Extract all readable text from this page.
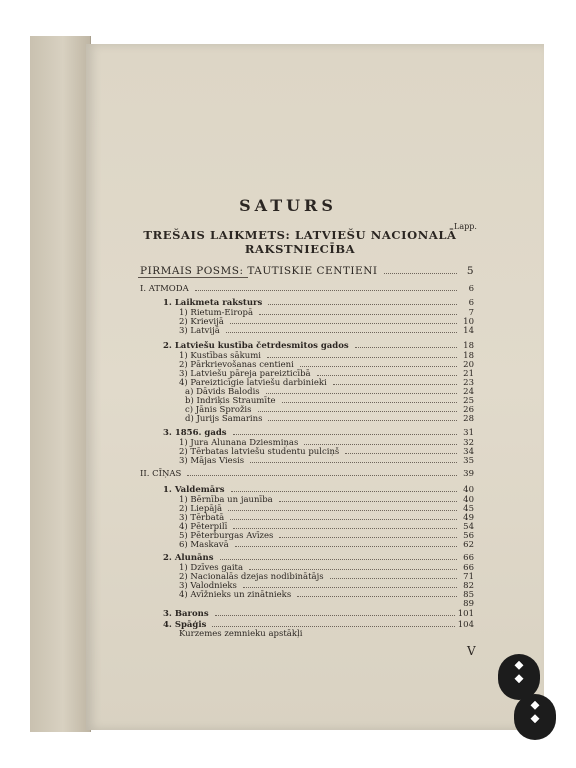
SATURS
Lapp.
TREŠAIS LAIKMETS: LATVIEŠU NACIONALĀ
RAKSTNIECĪBA
PIRMAIS POSMS: TAUTISKIE CENTIENI	5
I. ATMODA	6
1. Laikmeta raksturs	6
1) Rietum-Eiropā	7
2) Krievijā	10
3) Latvijā	14
2. Latviešu kustība četrdesmitos gados	18
1) Kustības sākumi	18
2) Pārkrievošanas centieni	20
3) Latviešu pāreja pareizticībā	21
4) Pareizticīgie latviešu darbinieki	23
a) Dāvids Balodis	24
b) Indriķis Straumīte	25
c) Jānis Sprožis	26
d) Jurijs Samarins	28
3. 1856. gads	31
1) Jura Alunana Dziesmiņas	32
2) Tērbatas latviešu studentu pulciņš	34
3) Mājas Viesis	35
II. CĪŅAS	39
1. Valdemārs	40
1) Bērnība un jaunība	40
2) Liepājā	45
3) Tērbatā	49
4) Pēterpilī	54
5) Pēterburgas Avīzes	56
6) Maskavā	62
2. Alunāns	66
1) Dzīves gaita	66
2) Nacionalās dzejas nodibinātājs	71
3) Valodnieks	82
4) Avīžnieks un zinātnieks	85
89
3. Barons	101
4. Spāģis	104
Kurzemes zemnieku apstākļi
V
